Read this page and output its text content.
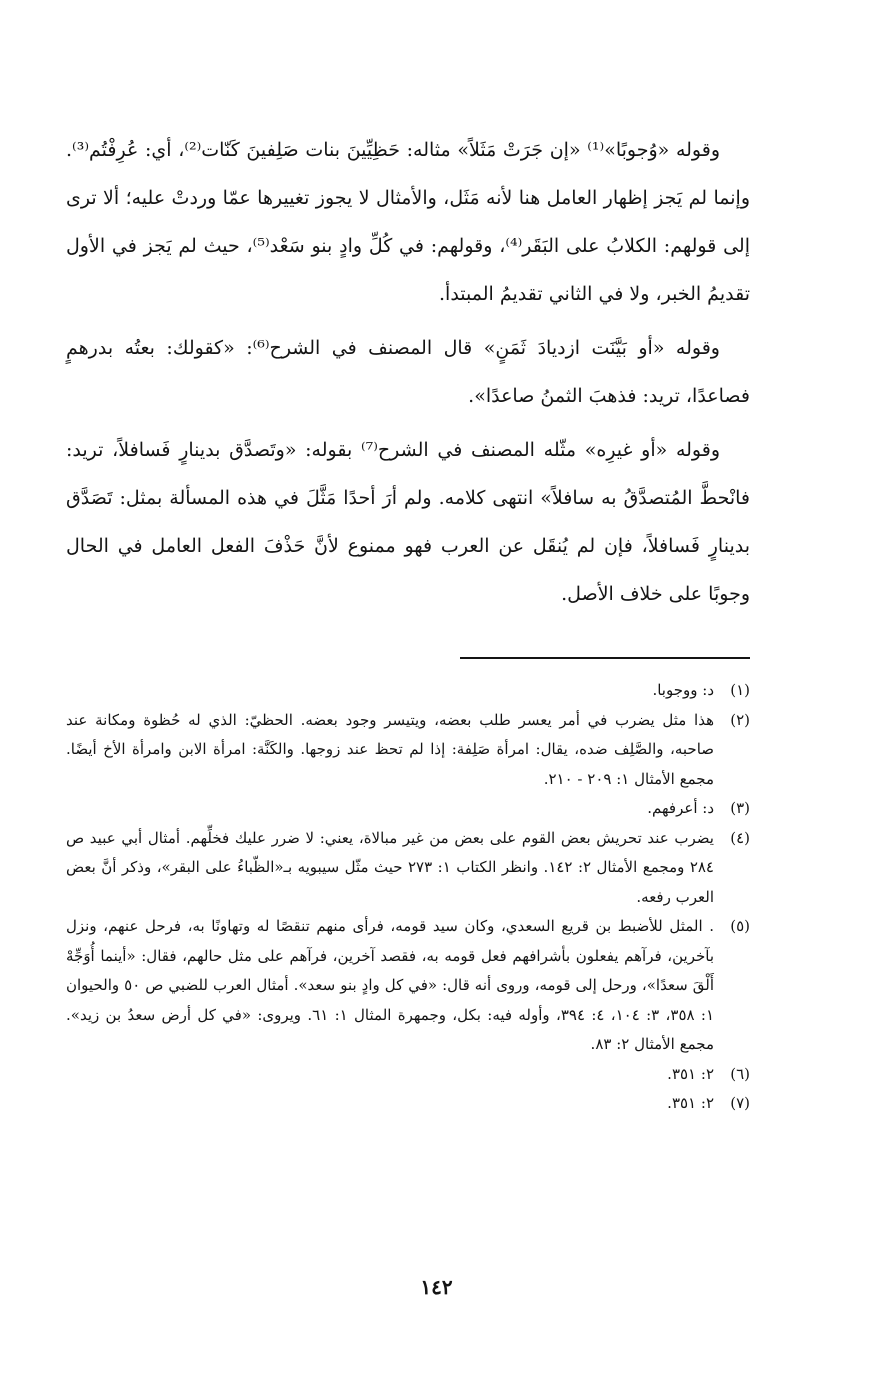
وقوله «وُجوبًا»⁽¹⁾ «إن جَرَتْ مَثَلاً» مثاله: حَظِيِّينَ بنات صَلِفينَ كَنّات⁽²⁾، أي: عُرِفْتُم⁽³⁾. وإنما لم يَجز إظهار العامل هنا لأنه مَثَل، والأمثال لا يجوز تغييرها عمّا وردتْ عليه؛ ألا ترى إلى قولهم: الكلابُ على البَقَر⁽⁴⁾، وقولهم: في كُلِّ وادٍ بنو سَعْد⁽⁵⁾، حيث لم يَجز في الأول تقديمُ الخبر، ولا في الثاني تقديمُ المبتدأ.

وقوله «أو بَيَّنَت ازديادَ ثَمَنٍ» قال المصنف في الشرح⁽⁶⁾: «كقولك: بعتُه بدرهمٍ فصاعدًا، تريد: فذهبَ الثمنُ صاعدًا».

وقوله «أو غيرِه» مثّله المصنف في الشرح⁽⁷⁾ بقوله: «وتَصدَّق بدينارٍ فَسافلاً، تريد: فانْحطَّ المُتصدَّقُ به سافلاً» انتهى كلامه. ولم أرَ أحدًا مَثَّلَ في هذه المسألة بمثل: تَصَدَّق بدينارٍ فَسافلاً، فإن لم يُنقَل عن العرب فهو ممنوع لأنَّ حَذْفَ الفعل العامل في الحال وجوبًا على خلاف الأصل.

(١)
د: ووجوبا.
(٢)
هذا مثل يضرب في أمر يعسر طلب بعضه، ويتيسر وجود بعضه. الحظيّ: الذي له حُظوة ومكانة عند صاحبه، والصَّلِف ضده، يقال: امرأة صَلِفة: إذا لم تحظ عند زوجها. والكَنَّة: امرأة الابن وامرأة الأخ أيضًا. مجمع الأمثال ١: ٢٠٩ - ٢١٠.
(٣)
د: أعرفهم.
(٤)
يضرب عند تحريش بعض القوم على بعض من غير مبالاة، يعني: لا ضرر عليك فخلِّهم. أمثال أبي عبيد ص ٢٨٤ ومجمع الأمثال ٢: ١٤٢. وانظر الكتاب ١: ٢٧٣ حيث مثّل سيبويه بـ«الظّباءُ على البقر»، وذكر أنَّ بعض العرب رفعه.
(٥)
. المثل للأضبط بن قريع السعدي، وكان سيد قومه، فرأى منهم تنقصًا له وتهاونًا به، فرحل عنهم، ونزل بآخرين، فرآهم يفعلون بأشرافهم فعل قومه به، فقصد آخرين، فرآهم على مثل حالهم، فقال: «أينما أُوَجِّهْ أَلْقَ سعدًا»، ورحل إلى قومه، وروى أنه قال: «في كل وادٍ بنو سعد». أمثال العرب للضبي ص ٥٠ والحيوان ١: ٣٥٨، ٣: ١٠٤، ٤: ٣٩٤، وأوله فيه: بكل، وجمهرة المثال ١: ٦١. ويروى: «في كل أرض سعدُ بن زيد». مجمع الأمثال ٢: ٨٣.
(٦)
٢: ٣٥١.
(٧)
٢: ٣٥١.
١٤٢
